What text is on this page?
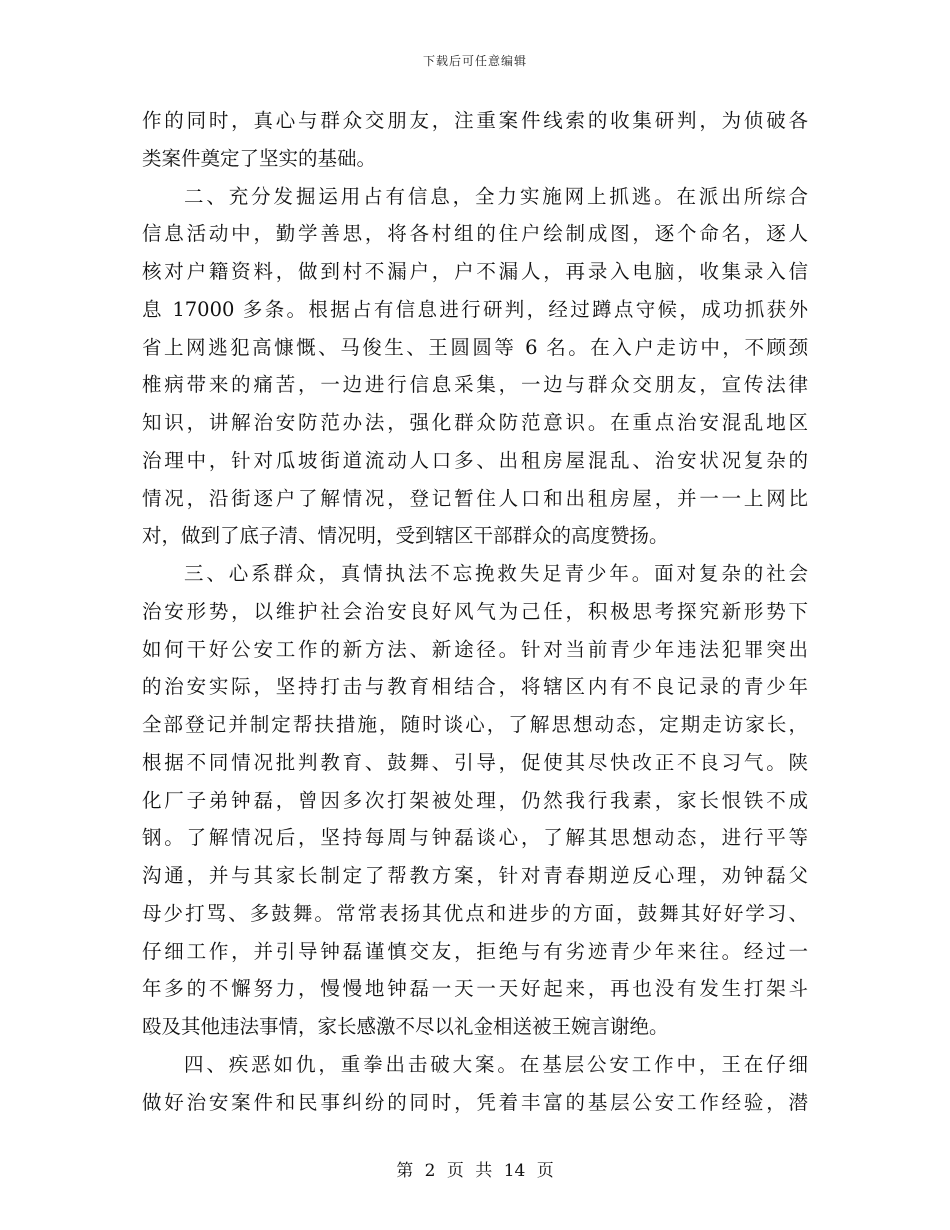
下载后可任意编辑
作的同时，真心与群众交朋友，注重案件线索的收集研判，为侦破各
类案件奠定了坚实的基础。
二、充分发掘运用占有信息，全力实施网上抓逃。在派出所综合
信息活动中，勤学善思，将各村组的住户绘制成图，逐个命名，逐人
核对户籍资料，做到村不漏户，户不漏人，再录入电脑，收集录入信
息 17000 多条。根据占有信息进行研判，经过蹲点守候，成功抓获外
省上网逃犯高慷慨、马俊生、王圆圆等 6 名。在入户走访中，不顾颈
椎病带来的痛苦，一边进行信息采集，一边与群众交朋友，宣传法律
知识，讲解治安防范办法，强化群众防范意识。在重点治安混乱地区
治理中，针对瓜坡街道流动人口多、出租房屋混乱、治安状况复杂的
情况，沿街逐户了解情况，登记暂住人口和出租房屋，并一一上网比
对，做到了底子清、情况明，受到辖区干部群众的高度赞扬。
三、心系群众，真情执法不忘挽救失足青少年。面对复杂的社会
治安形势，以维护社会治安良好风气为己任，积极思考探究新形势下
如何干好公安工作的新方法、新途径。针对当前青少年违法犯罪突出
的治安实际，坚持打击与教育相结合，将辖区内有不良记录的青少年
全部登记并制定帮扶措施，随时谈心，了解思想动态，定期走访家长，
根据不同情况批判教育、鼓舞、引导，促使其尽快改正不良习气。陕
化厂子弟钟磊，曾因多次打架被处理，仍然我行我素，家长恨铁不成
钢。了解情况后，坚持每周与钟磊谈心，了解其思想动态，进行平等
沟通，并与其家长制定了帮教方案，针对青春期逆反心理，劝钟磊父
母少打骂、多鼓舞。常常表扬其优点和进步的方面，鼓舞其好好学习、
仔细工作，并引导钟磊谨慎交友，拒绝与有劣迹青少年来往。经过一
年多的不懈努力，慢慢地钟磊一天一天好起来，再也没有发生打架斗
殴及其他违法事情，家长感激不尽以礼金相送被王婉言谢绝。
四、疾恶如仇，重拳出击破大案。在基层公安工作中，王在仔细
做好治安案件和民事纠纷的同时，凭着丰富的基层公安工作经验，潜
第 2 页 共 14 页
